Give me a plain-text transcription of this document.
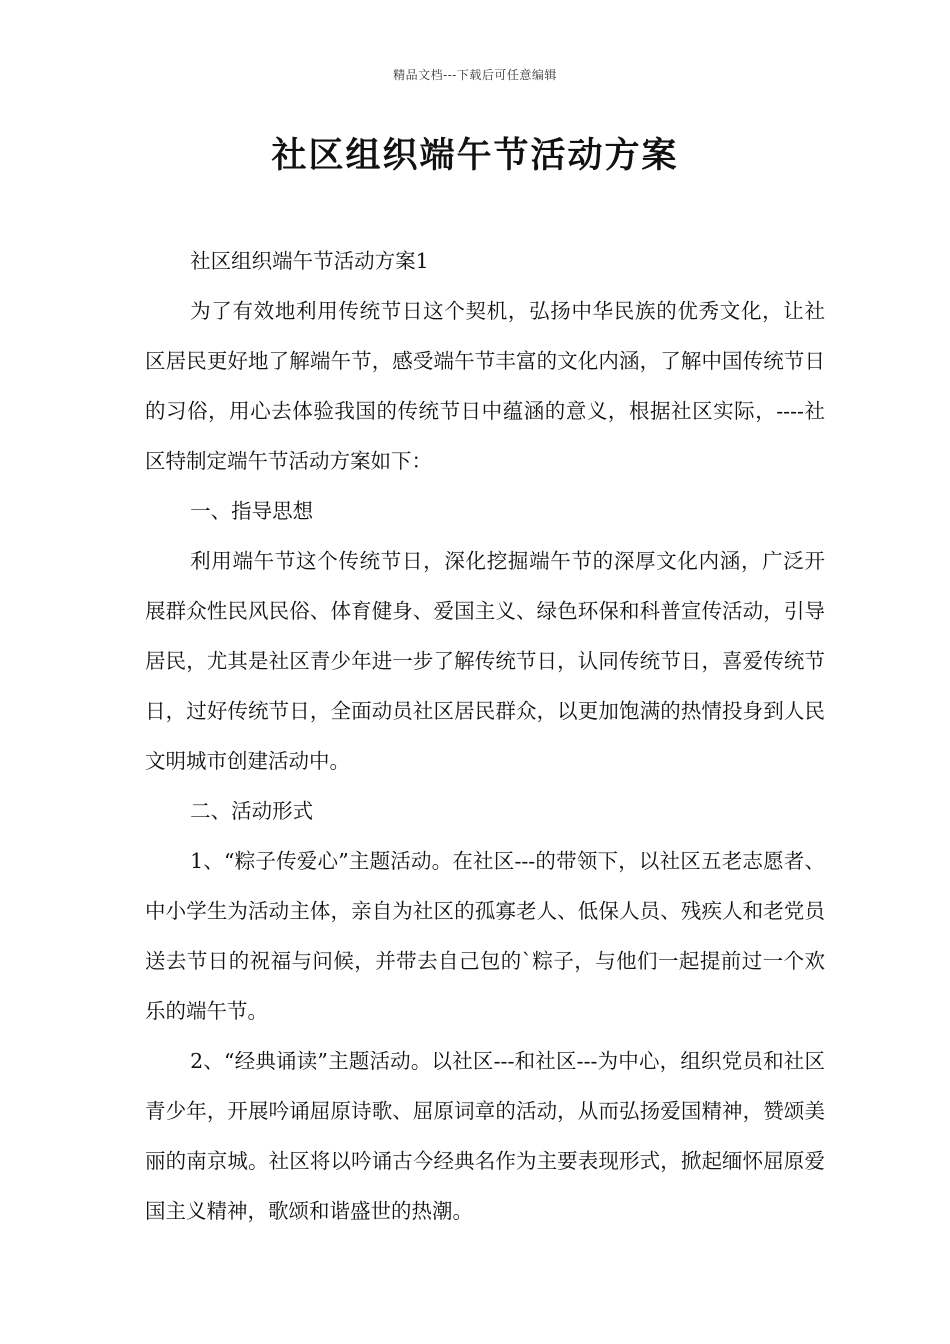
精品文档---下载后可任意编辑
社区组织端午节活动方案

社区组织端午节活动方案1

为了有效地利用传统节日这个契机，弘扬中华民族的优秀文化，让社区居民更好地了解端午节，感受端午节丰富的文化内涵，了解中国传统节日的习俗，用心去体验我国的传统节日中蕴涵的意义，根据社区实际，----社区特制定端午节活动方案如下：

一、指导思想

利用端午节这个传统节日，深化挖掘端午节的深厚文化内涵，广泛开展群众性民风民俗、体育健身、爱国主义、绿色环保和科普宣传活动，引导居民，尤其是社区青少年进一步了解传统节日，认同传统节日，喜爱传统节日，过好传统节日，全面动员社区居民群众，以更加饱满的热情投身到人民文明城市创建活动中。

二、活动形式

1、“粽子传爱心”主题活动。在社区---的带领下，以社区五老志愿者、中小学生为活动主体，亲自为社区的孤寡老人、低保人员、残疾人和老党员送去节日的祝福与问候，并带去自己包的`粽子，与他们一起提前过一个欢乐的端午节。

2、“经典诵读”主题活动。以社区---和社区---为中心，组织党员和社区青少年，开展吟诵屈原诗歌、屈原词章的活动，从而弘扬爱国精神，赞颂美丽的南京城。社区将以吟诵古今经典名作为主要表现形式，掀起缅怀屈原爱国主义精神，歌颂和谐盛世的热潮。
